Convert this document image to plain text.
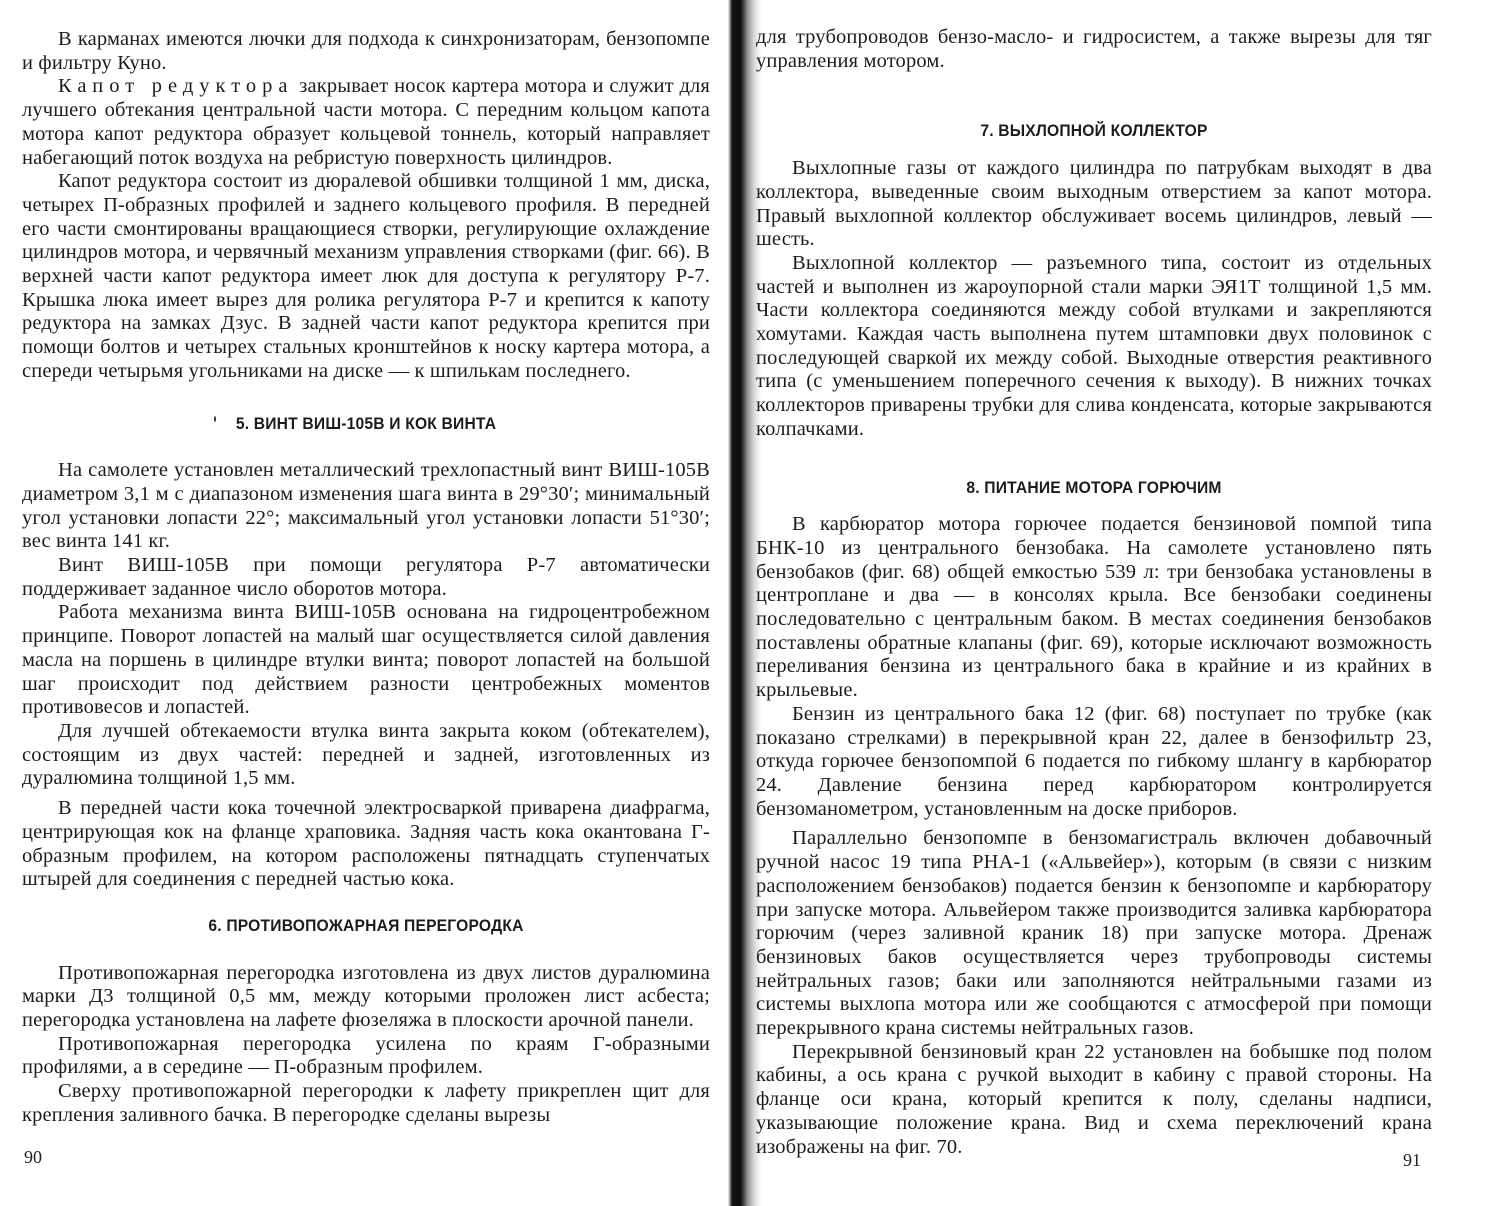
В карманах имеются лючки для подхода к синхронизаторам, бензопомпе и фильтру Куно.

Капот редуктора закрывает носок картера мотора и служит для лучшего обтекания центральной части мотора. С передним кольцом капота мотора капот редуктора образует кольцевой тоннель, который направляет набегающий поток воздуха на ребристую поверхность цилиндров.

Капот редуктора состоит из дюралевой обшивки толщиной 1 мм, диска, четырех П-образных профилей и заднего кольцевого профиля. В передней его части смонтированы вращающиеся створки, регулирующие охлаждение цилиндров мотора, и червячный механизм управления створками (фиг. 66). В верхней части капот редуктора имеет люк для доступа к регулятору Р-7. Крышка люка имеет вырез для ролика регулятора Р-7 и крепится к капоту редуктора на замках Дзус. В задней части капот редуктора крепится при помощи болтов и четырех стальных кронштейнов к носку картера мотора, а спереди четырьмя угольниками на диске — к шпилькам последнего.

5. ВИНТ ВИШ-105В И КОК ВИНТА

На самолете установлен металлический трехлопастный винт ВИШ-105В диаметром 3,1 м с диапазоном изменения шага винта в 29°30′; минимальный угол установки лопасти 22°; максимальный угол установки лопасти 51°30′; вес винта 141 кг.

Винт ВИШ-105В при помощи регулятора Р-7 автоматически поддерживает заданное число оборотов мотора.

Работа механизма винта ВИШ-105В основана на гидроцентробежном принципе. Поворот лопастей на малый шаг осуществляется силой давления масла на поршень в цилиндре втулки винта; поворот лопастей на большой шаг происходит под действием разности центробежных моментов противовесов и лопастей.

Для лучшей обтекаемости втулка винта закрыта коком (обтекателем), состоящим из двух частей: передней и задней, изготовленных из дуралюмина толщиной 1,5 мм.

В передней части кока точечной электросваркой приварена диафрагма, центрирующая кок на фланце храповика. Задняя часть кока окантована Г-образным профилем, на котором расположены пятнадцать ступенчатых штырей для соединения с передней частью кока.

6. ПРОТИВОПОЖАРНАЯ ПЕРЕГОРОДКА

Противопожарная перегородка изготовлена из двух листов дуралюмина марки Д3 толщиной 0,5 мм, между которыми проложен лист асбеста; перегородка установлена на лафете фюзеляжа в плоскости арочной панели.

Противопожарная перегородка усилена по краям Г-образными профилями, а в середине — П-образным профилем.

Сверху противопожарной перегородки к лафету прикреплен щит для крепления заливного бачка. В перегородке сделаны вырезы

90

для трубопроводов бензо-масло- и гидросистем, а также вырезы для тяг управления мотором.

7. ВЫХЛОПНОЙ КОЛЛЕКТОР

Выхлопные газы от каждого цилиндра по патрубкам выходят в два коллектора, выведенные своим выходным отверстием за капот мотора. Правый выхлопной коллектор обслуживает восемь цилиндров, левый — шесть.

Выхлопной коллектор — разъемного типа, состоит из отдельных частей и выполнен из жароупорной стали марки ЭЯ1Т толщиной 1,5 мм. Части коллектора соединяются между собой втулками и закрепляются хомутами. Каждая часть выполнена путем штамповки двух половинок с последующей сваркой их между собой. Выходные отверстия реактивного типа (с уменьшением поперечного сечения к выходу). В нижних точках коллекторов приварены трубки для слива конденсата, которые закрываются колпачками.

8. ПИТАНИЕ МОТОРА ГОРЮЧИМ

В карбюратор мотора горючее подается бензиновой помпой типа БНК-10 из центрального бензобака. На самолете установлено пять бензобаков (фиг. 68) общей емкостью 539 л: три бензобака установлены в центроплане и два — в консолях крыла. Все бензобаки соединены последовательно с центральным баком. В местах соединения бензобаков поставлены обратные клапаны (фиг. 69), которые исключают возможность переливания бензина из центрального бака в крайние и из крайних в крыльевые.

Бензин из центрального бака 12 (фиг. 68) поступает по трубке (как показано стрелками) в перекрывной кран 22, далее в бензофильтр 23, откуда горючее бензопомпой 6 подается по гибкому шлангу в карбюратор 24. Давление бензина перед карбюратором контролируется бензоманометром, установленным на доске приборов.

Параллельно бензопомпе в бензомагистраль включен добавочный ручной насос 19 типа РНА-1 («Альвейер»), которым (в связи с низким расположением бензобаков) подается бензин к бензопомпе и карбюратору при запуске мотора. Альвейером также производится заливка карбюратора горючим (через заливной краник 18) при запуске мотора. Дренаж бензиновых баков осуществляется через трубопроводы системы нейтральных газов; баки или заполняются нейтральными газами из системы выхлопа мотора или же сообщаются с атмосферой при помощи перекрывного крана системы нейтральных газов.

Перекрывной бензиновый кран 22 установлен на бобышке под полом кабины, а ось крана с ручкой выходит в кабину с правой стороны. На фланце оси крана, который крепится к полу, сделаны надписи, указывающие положение крана. Вид и схема переключений крана изображены на фиг. 70.

91
